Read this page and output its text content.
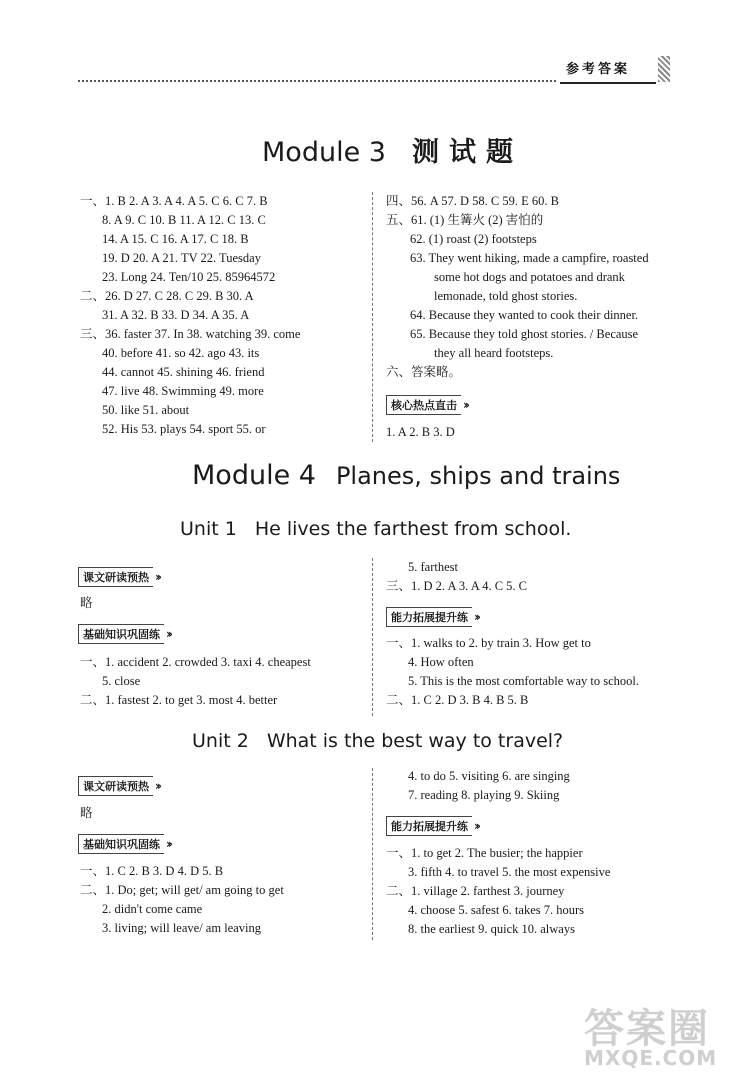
参考答案
Module 3 测试题
一、1. B 2. A 3. A 4. A 5. C 6. C 7. B
8. A 9. C 10. B 11. A 12. C 13. C
14. A 15. C 16. A 17. C 18. B
19. D 20. A 21. TV 22. Tuesday
23. Long 24. Ten/10 25. 85964572
二、26. D 27. C 28. C 29. B 30. A
31. A 32. B 33. D 34. A 35. A
三、36. faster 37. In 38. watching 39. come
40. before 41. so 42. ago 43. its
44. cannot 45. shining 46. friend
47. live 48. Swimming 49. more
50. like 51. about
52. His 53. plays 54. sport 55. or
四、56. A 57. D 58. C 59. E 60. B
五、61. (1) 生篝火 (2) 害怕的
62. (1) roast (2) footsteps
63. They went hiking, made a campfire, roasted
some hot dogs and potatoes and drank
lemonade, told ghost stories.
64. Because they wanted to cook their dinner.
65. Because they told ghost stories. / Because
they all heard footsteps.
六、答案略。
核心热点直击 ››
1. A 2. B 3. D
Module 4 Planes, ships and trains
Unit 1 He lives the farthest from school.
课文研读预热 ››
略
基础知识巩固练 ››
一、1. accident 2. crowded 3. taxi 4. cheapest
5. close
二、1. fastest 2. to get 3. most 4. better
5. farthest
三、1. D 2. A 3. A 4. C 5. C
能力拓展提升练 ››
一、1. walks to 2. by train 3. How get to
4. How often
5. This is the most comfortable way to school.
二、1. C 2. D 3. B 4. B 5. B
Unit 2 What is the best way to travel?
课文研读预热 ››
略
基础知识巩固练 ››
一、1. C 2. B 3. D 4. D 5. B
二、1. Do; get; will get/ am going to get
2. didn't come came
3. living; will leave/ am leaving
4. to do 5. visiting 6. are singing
7. reading 8. playing 9. Skiing
能力拓展提升练 ››
一、1. to get 2. The busier; the happier
3. fifth 4. to travel 5. the most expensive
二、1. village 2. farthest 3. journey
4. choose 5. safest 6. takes 7. hours
8. the earliest 9. quick 10. always
答案圈
MXQE.COM
